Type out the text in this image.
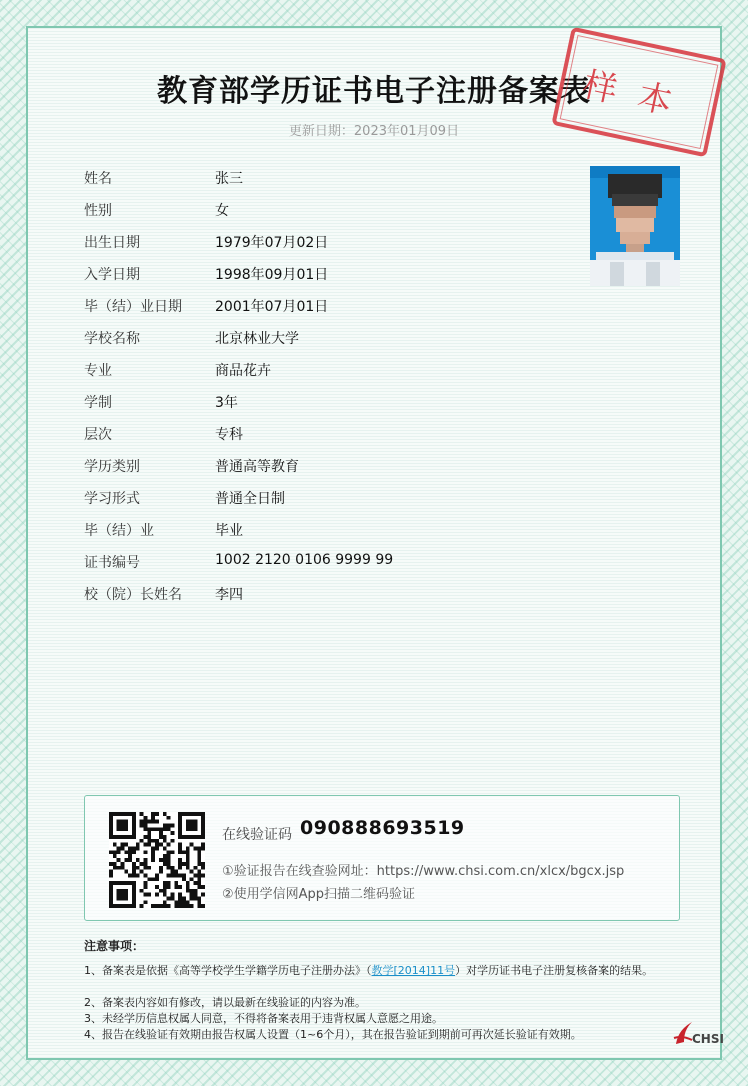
教育部学历证书电子注册备案表
更新日期：2023年01月09日
样本
姓名	张三
性别	女
出生日期	1979年07月02日
入学日期	1998年09月01日
毕（结）业日期	2001年07月01日
学校名称	北京林业大学
专业	商品花卉
学制	3年
层次	专科
学历类别	普通高等教育
学习形式	普通全日制
毕（结）业	毕业
证书编号	1002 2120 0106 9999 99
校（院）长姓名	李四
在线验证码 090888693519
①验证报告在线查验网址：https://www.chsi.com.cn/xlcx/bgcx.jsp
②使用学信网App扫描二维码验证
注意事项：
1、备案表是依据《高等学校学生学籍学历电子注册办法》（教学[2014]11号）对学历证书电子注册复核备案的结果。
2、备案表内容如有修改，请以最新在线验证的内容为准。
3、未经学历信息权属人同意，不得将备案表用于违背权属人意愿之用途。
4、报告在线验证有效期由报告权属人设置（1~6个月），其在报告验证到期前可再次延长验证有效期。	CHSI
